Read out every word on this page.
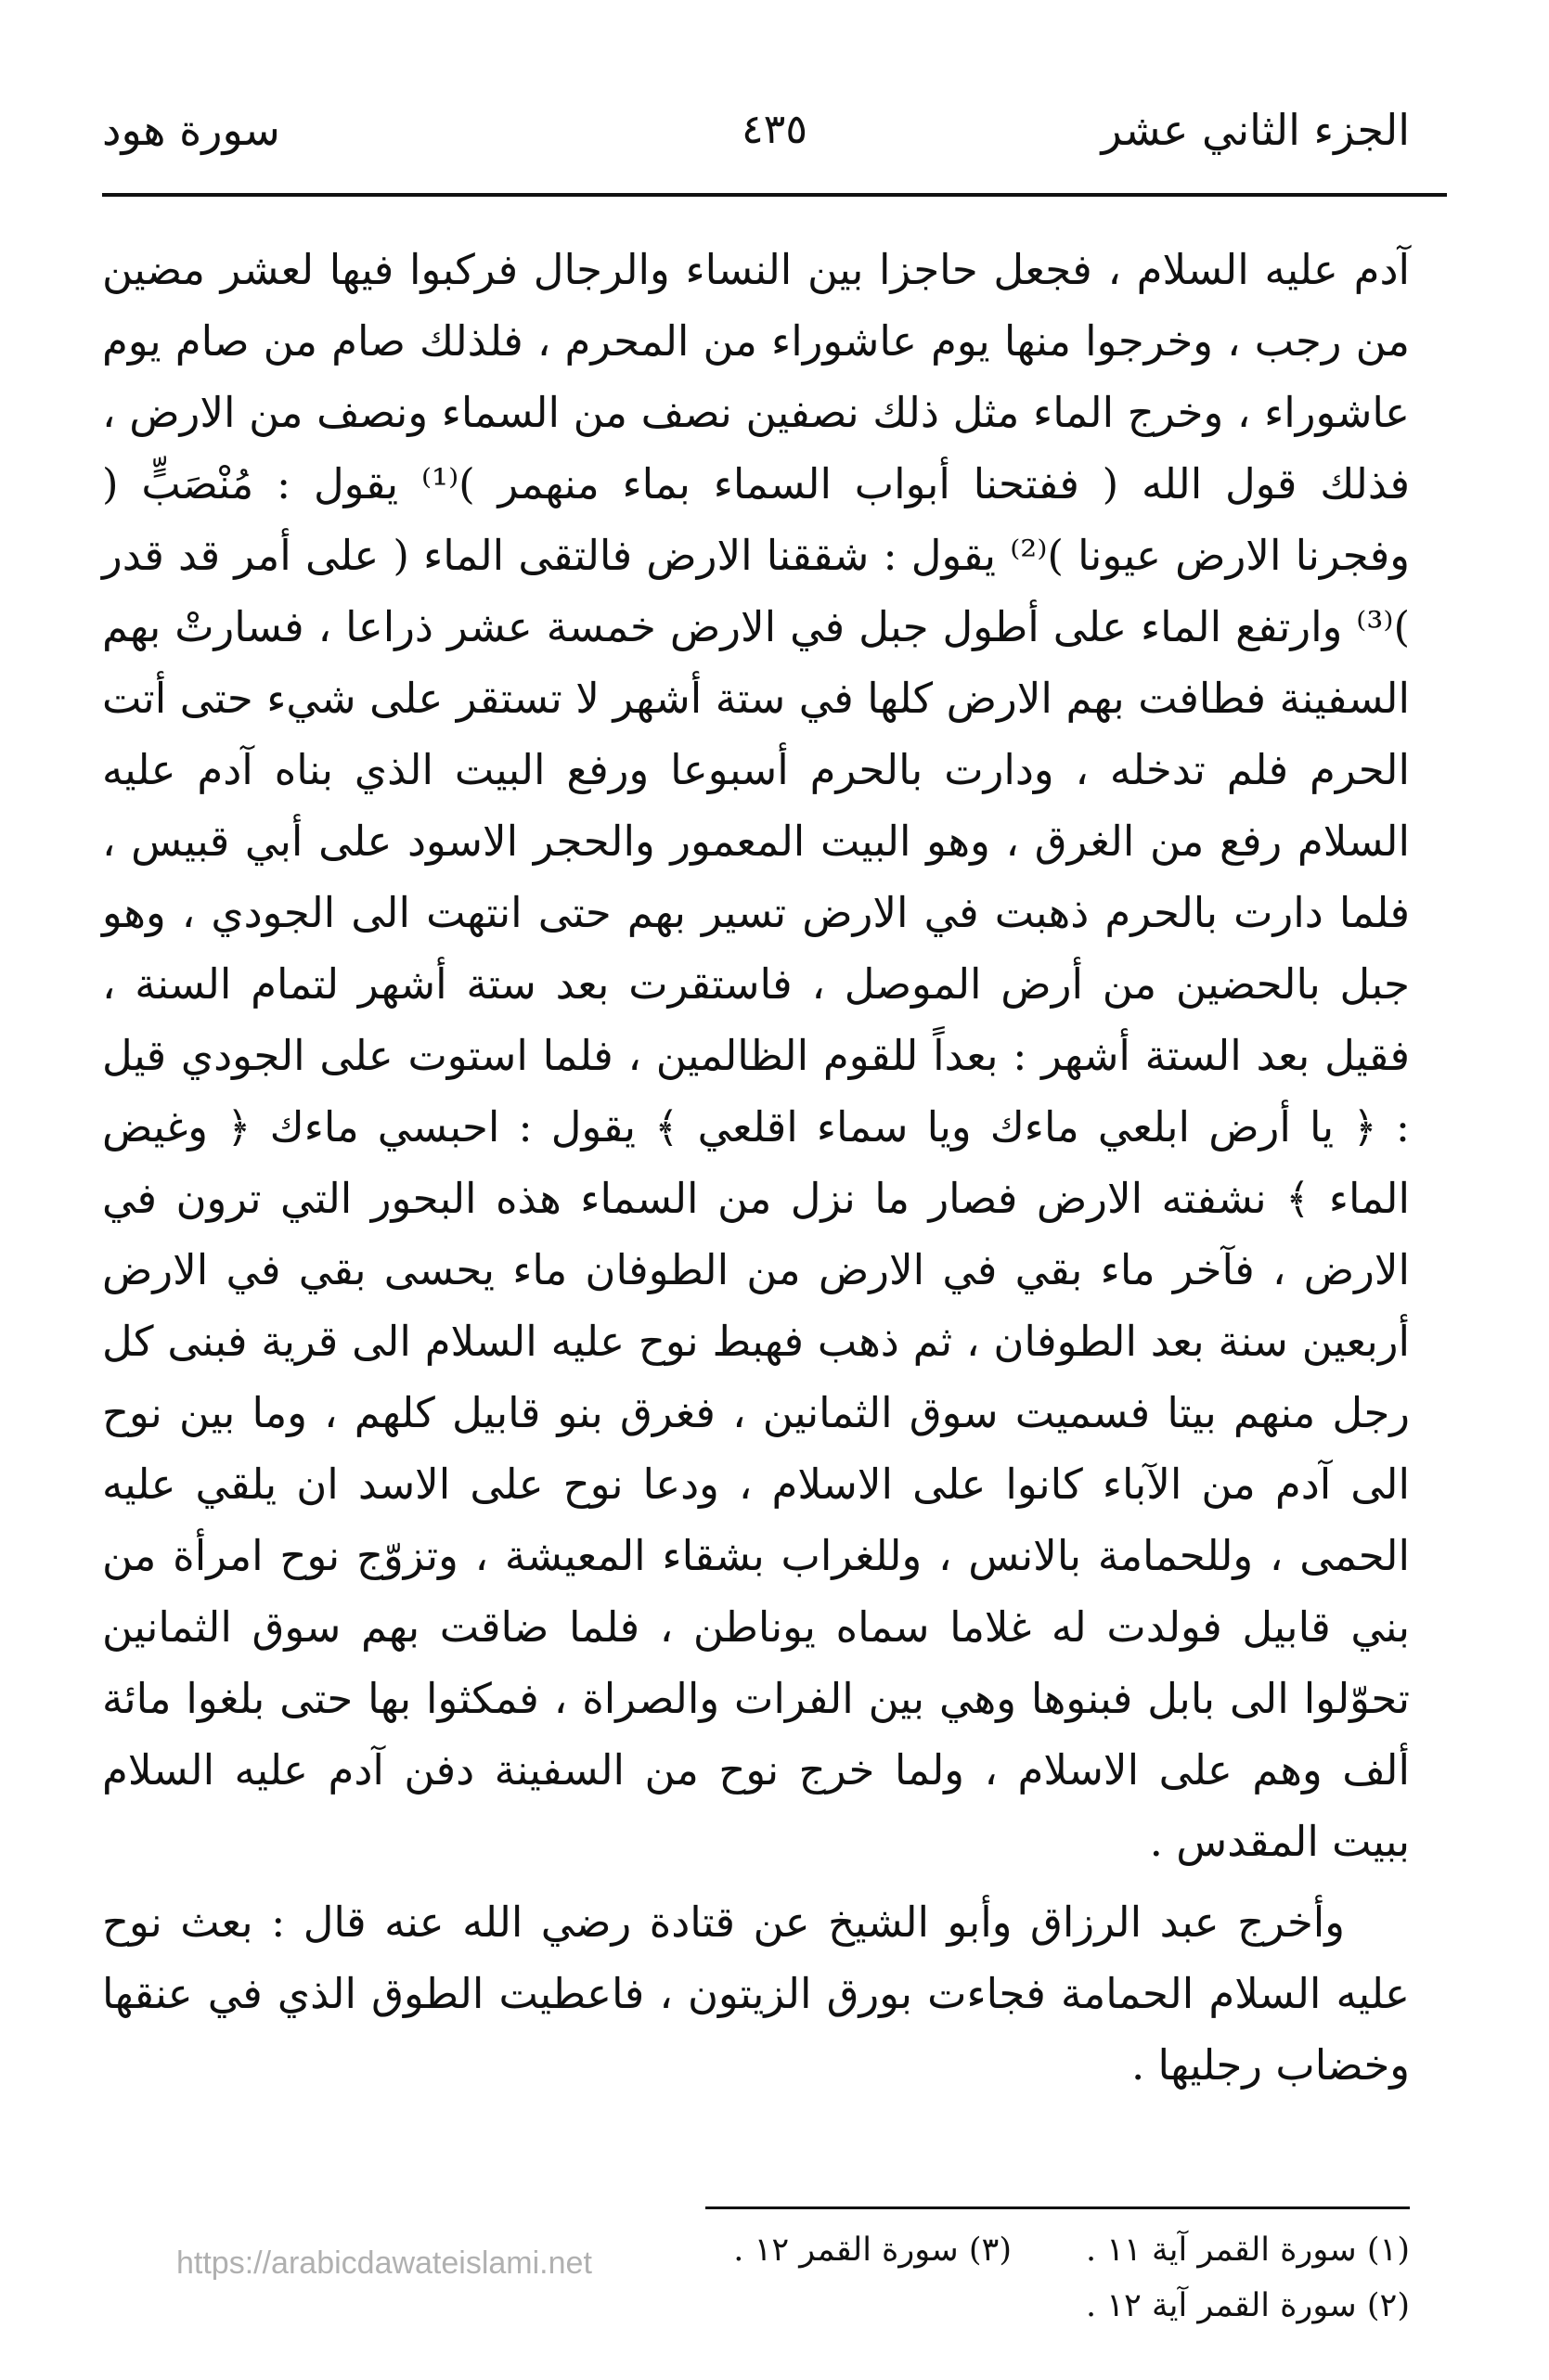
الجزء الثاني عشر
٤٣٥
سورة هود

آدم عليه السلام ، فجعل حاجزا بين النساء والرجال فركبوا فيها لعشر مضين من رجب ، وخرجوا منها يوم عاشوراء من المحرم ، فلذلك صام من صام يوم عاشوراء ، وخرج الماء مثل ذلك نصفين نصف من السماء ونصف من الارض ، فذلك قول الله ( ففتحنا أبواب السماء بماء منهمر )⁽¹⁾ يقول : مُنْصَبٍّ ( وفجرنا الارض عيونا )⁽²⁾ يقول : شققنا الارض فالتقى الماء ( على أمر قد قدر )⁽³⁾ وارتفع الماء على أطول جبل في الارض خمسة عشر ذراعا ، فسارتْ بهم السفينة فطافت بهم الارض كلها في ستة أشهر لا تستقر على شيء حتى أتت الحرم فلم تدخله ، ودارت بالحرم أسبوعا ورفع البيت الذي بناه آدم عليه السلام رفع من الغرق ، وهو البيت المعمور والحجر الاسود على أبي قبيس ، فلما دارت بالحرم ذهبت في الارض تسير بهم حتى انتهت الى الجودي ، وهو جبل بالحضين من أرض الموصل ، فاستقرت بعد ستة أشهر لتمام السنة ، فقيل بعد الستة أشهر : بعداً للقوم الظالمين ، فلما استوت على الجودي قيل : ﴿ يا أرض ابلعي ماءك ويا سماء اقلعي ﴾ يقول : احبسي ماءك ﴿ وغيض الماء ﴾ نشفته الارض فصار ما نزل من السماء هذه البحور التي ترون في الارض ، فآخر ماء بقي في الارض من الطوفان ماء يحسى بقي في الارض أربعين سنة بعد الطوفان ، ثم ذهب فهبط نوح عليه السلام الى قرية فبنى كل رجل منهم بيتا فسميت سوق الثمانين ، فغرق بنو قابيل كلهم ، وما بين نوح الى آدم من الآباء كانوا على الاسلام ، ودعا نوح على الاسد ان يلقي عليه الحمى ، وللحمامة بالانس ، وللغراب بشقاء المعيشة ، وتزوّج نوح امرأة من بني قابيل فولدت له غلاما سماه يوناطن ، فلما ضاقت بهم سوق الثمانين تحوّلوا الى بابل فبنوها وهي بين الفرات والصراة ، فمكثوا بها حتى بلغوا مائة ألف وهم على الاسلام ، ولما خرج نوح من السفينة دفن آدم عليه السلام ببيت المقدس .

وأخرج عبد الرزاق وأبو الشيخ عن قتادة رضي الله عنه قال : بعث نوح عليه السلام الحمامة فجاءت بورق الزيتون ، فاعطيت الطوق الذي في عنقها وخضاب رجليها .

(١) سورة القمر آية ١١ .
(٣) سورة القمر ١٢ .
(٢) سورة القمر آية ١٢ .
https://arabicdawateislami.net
